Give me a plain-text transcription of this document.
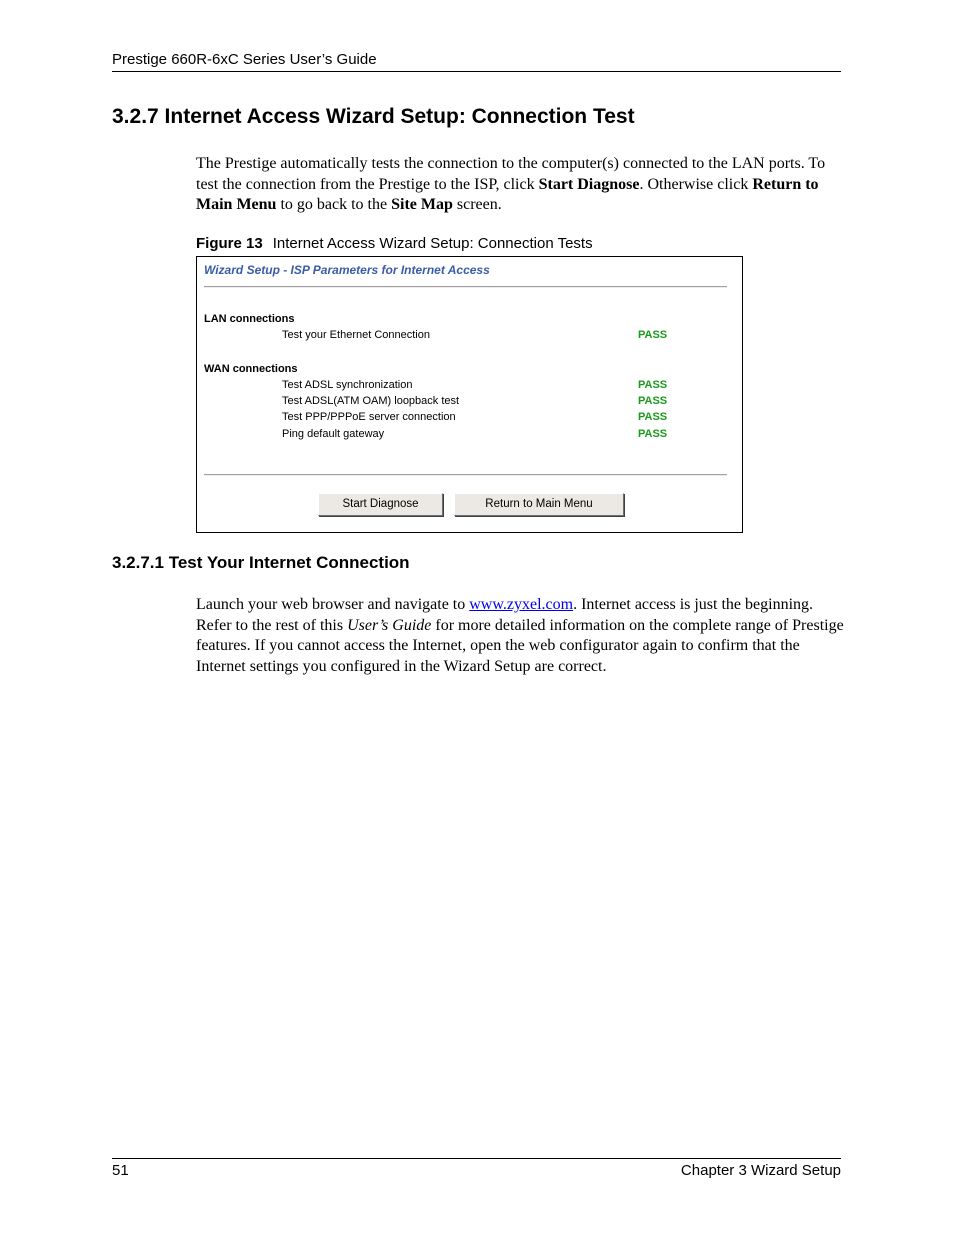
Prestige 660R-6xC Series User’s Guide
3.2.7 Internet Access Wizard Setup: Connection Test
The Prestige automatically tests the connection to the computer(s) connected to the LAN ports. To test the connection from the Prestige to the ISP, click Start Diagnose. Otherwise click Return to Main Menu to go back to the Site Map screen.
Figure 13 Internet Access Wizard Setup: Connection Tests
Wizard Setup - ISP Parameters for Internet Access
LAN connections
Test your Ethernet Connection	PASS
WAN connections
Test ADSL synchronization	PASS
Test ADSL(ATM OAM) loopback test	PASS
Test PPP/PPPoE server connection	PASS
Ping default gateway	PASS
Start Diagnose	Return to Main Menu
3.2.7.1 Test Your Internet Connection
Launch your web browser and navigate to www.zyxel.com. Internet access is just the beginning. Refer to the rest of this User’s Guide for more detailed information on the complete range of Prestige features. If you cannot access the Internet, open the web configurator again to confirm that the Internet settings you configured in the Wizard Setup are correct.
51	Chapter 3 Wizard Setup
